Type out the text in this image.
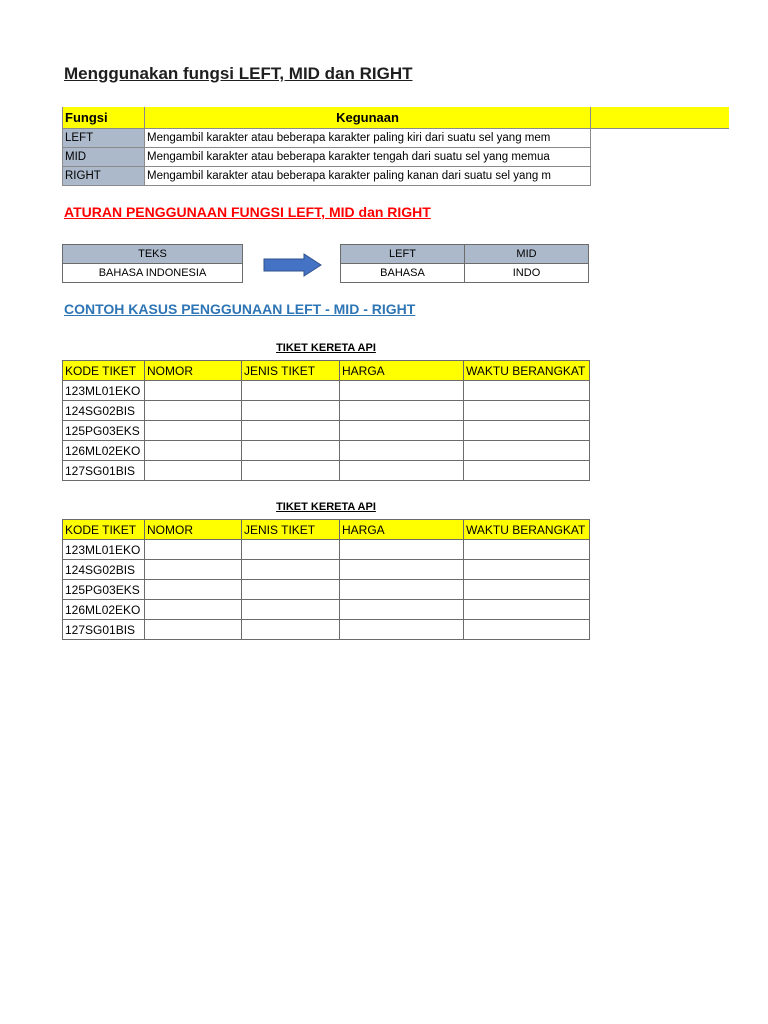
Menggunakan fungsi LEFT, MID dan RIGHT
Fungsi	Kegunaan	
LEFT	Mengambil karakter atau beberapa karakter paling kiri dari suatu sel yang mem	
MID	Mengambil karakter atau beberapa karakter tengah dari suatu sel yang memua	
RIGHT	Mengambil karakter atau beberapa karakter paling kanan dari suatu sel yang m	
ATURAN PENGGUNAAN FUNGSI LEFT, MID dan RIGHT
TEKS
BAHASA INDONESIA
LEFT	MID
BAHASA	INDO
CONTOH KASUS PENGGUNAAN LEFT - MID - RIGHT
TIKET KERETA API
KODE TIKET	NOMOR	JENIS TIKET	HARGA	WAKTU BERANGKAT
123ML01EKO				
124SG02BIS				
125PG03EKS				
126ML02EKO				
127SG01BIS				
TIKET KERETA API
KODE TIKET	NOMOR	JENIS TIKET	HARGA	WAKTU BERANGKAT
123ML01EKO				
124SG02BIS				
125PG03EKS				
126ML02EKO				
127SG01BIS				
